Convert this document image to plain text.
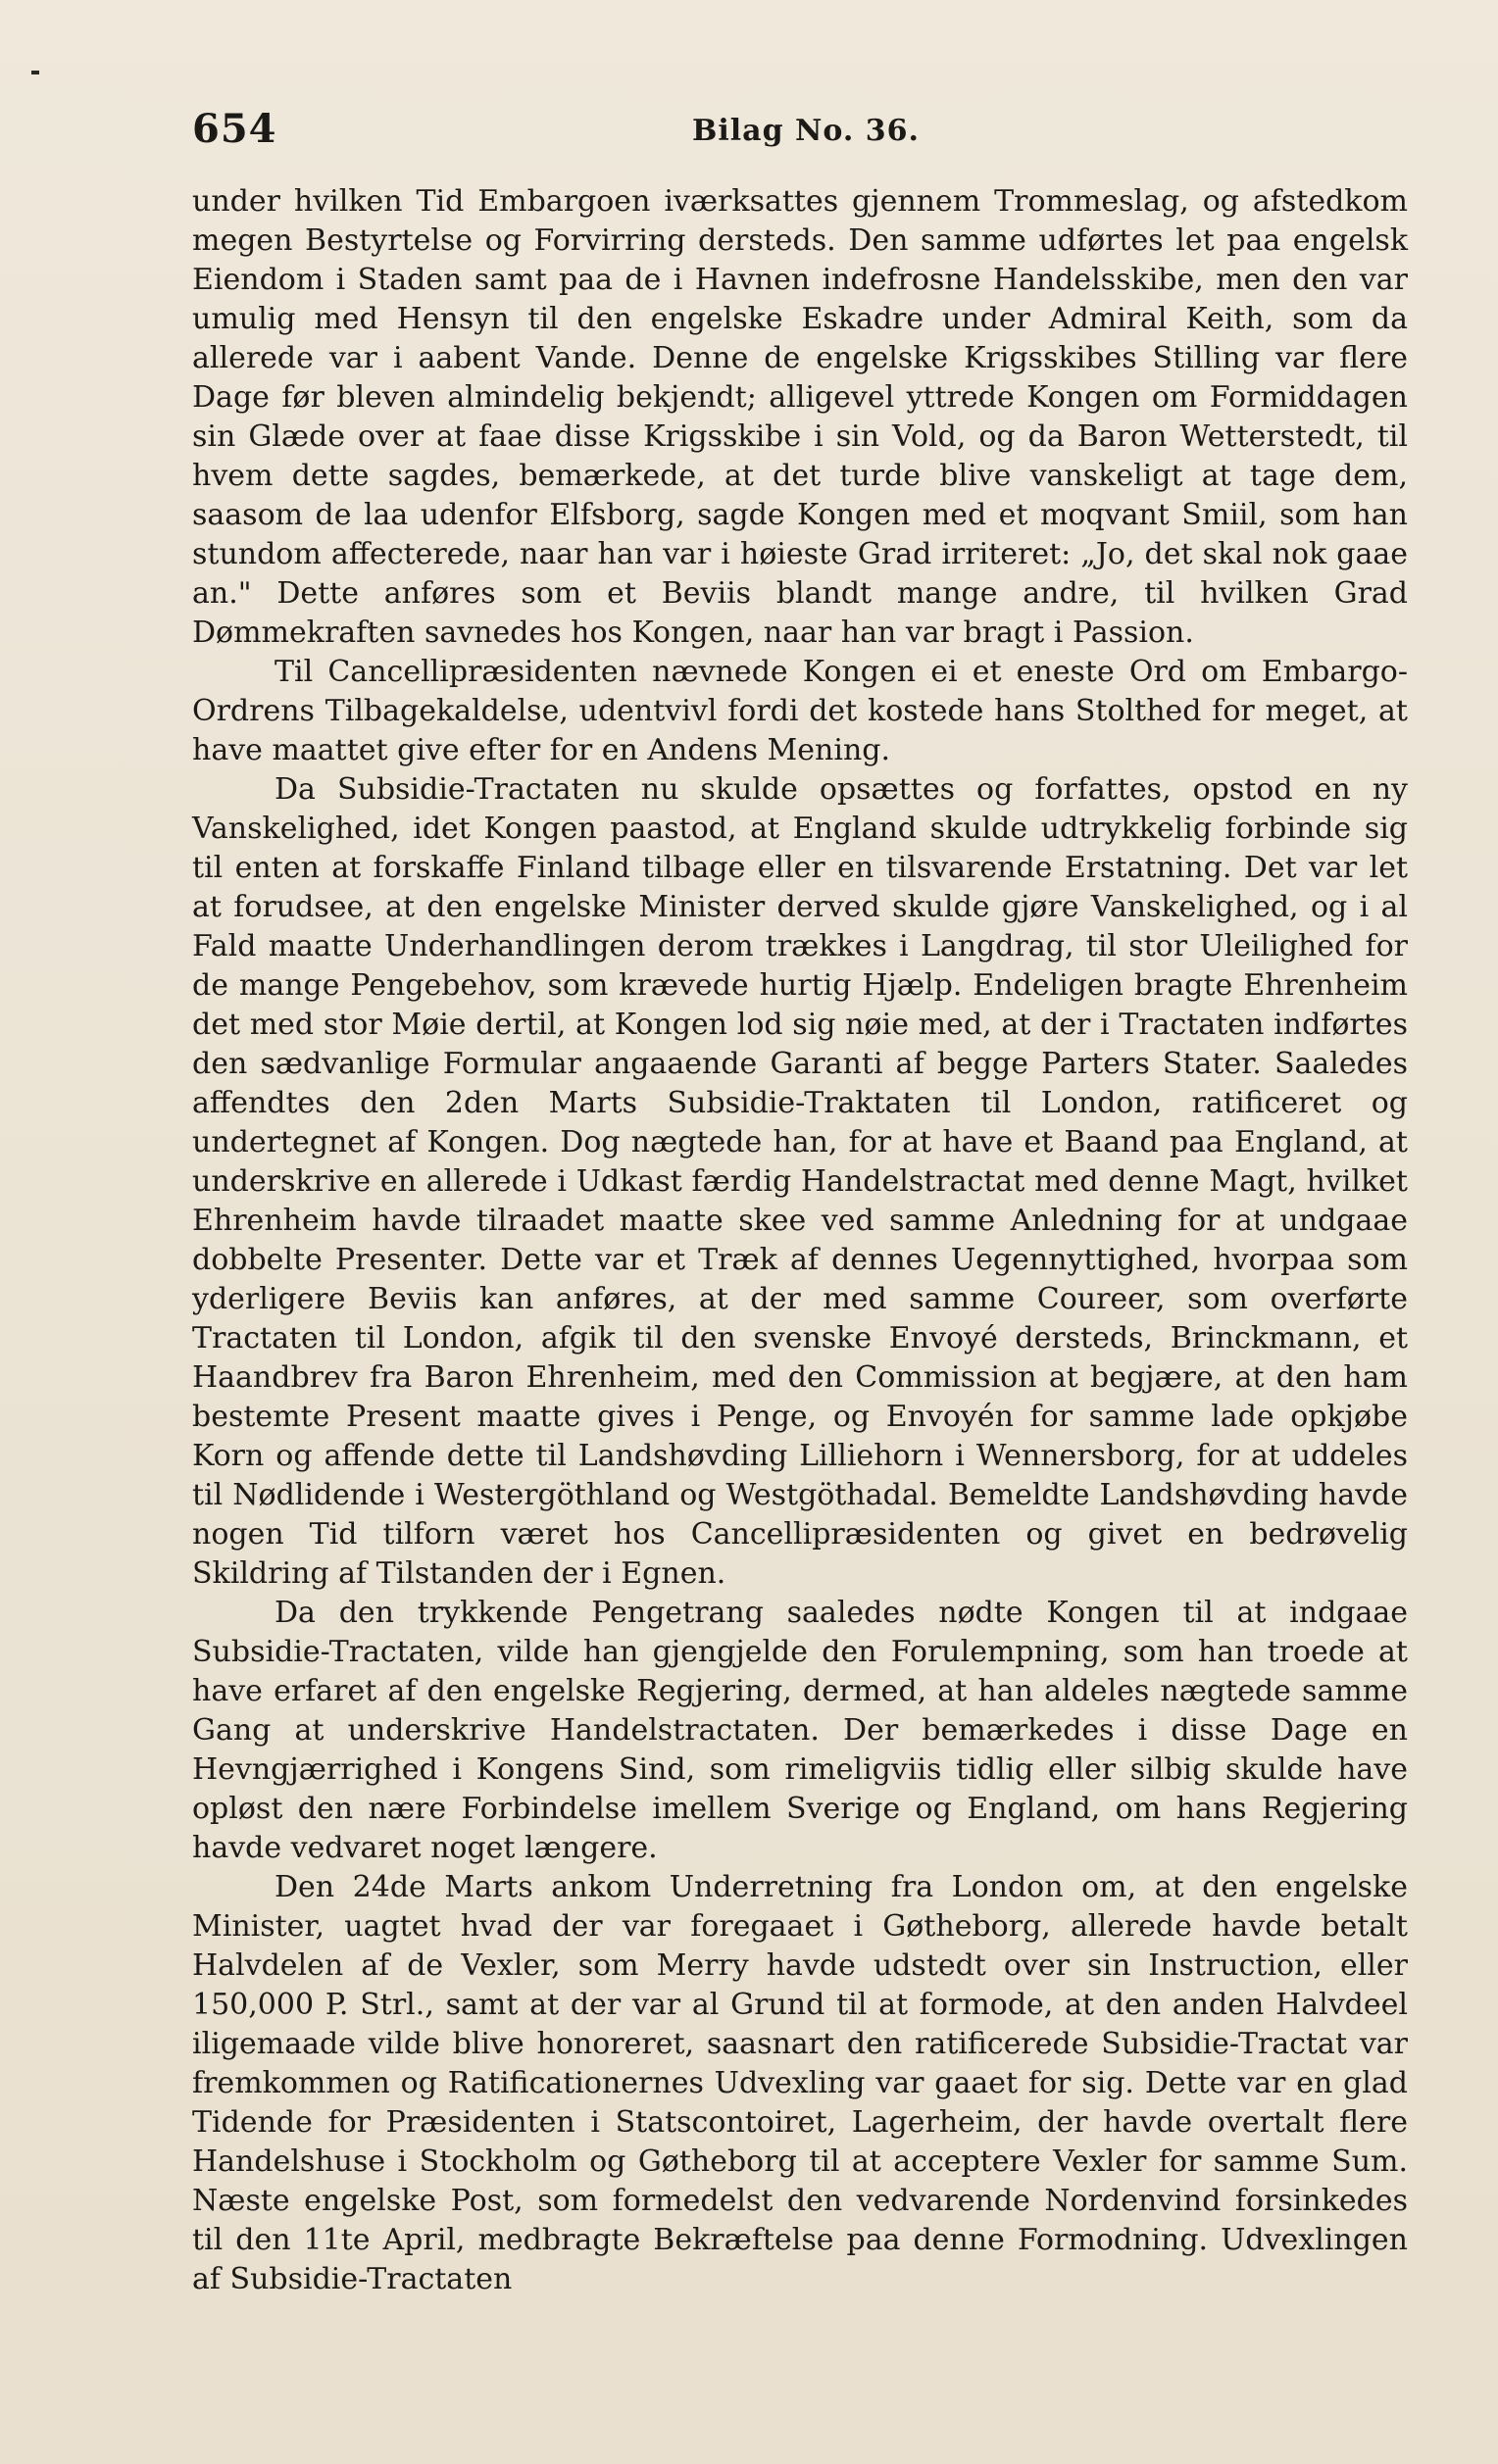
654	Bilag No. 36.

under hvilken Tid Embargoen iværksattes gjennem Trommeslag, og afstedkom megen Bestyrtelse og Forvirring dersteds. Den samme udførtes let paa engelsk Eiendom i Staden samt paa de i Havnen indefrosne Handelsskibe, men den var umulig med Hensyn til den engelske Eskadre under Admiral Keith, som da allerede var i aabent Vande. Denne de engelske Krigsskibes Stilling var flere Dage før bleven almindelig bekjendt; alligevel yttrede Kongen om Formiddagen sin Glæde over at faae disse Krigsskibe i sin Vold, og da Baron Wetterstedt, til hvem dette sagdes, bemærkede, at det turde blive vanskeligt at tage dem, saasom de laa udenfor Elfsborg, sagde Kongen med et moqvant Smiil, som han stundom affecterede, naar han var i høieste Grad irriteret: „Jo, det skal nok gaae an." Dette anføres som et Beviis blandt mange andre, til hvilken Grad Dømmekraften savnedes hos Kongen, naar han var bragt i Passion.

Til Cancellipræsidenten nævnede Kongen ei et eneste Ord om Embargo-Ordrens Tilbagekaldelse, udentvivl fordi det kostede hans Stolthed for meget, at have maattet give efter for en Andens Mening.

Da Subsidie-Tractaten nu skulde opsættes og forfattes, opstod en ny Vanskelighed, idet Kongen paastod, at England skulde udtrykkelig forbinde sig til enten at forskaffe Finland tilbage eller en tilsvarende Erstatning. Det var let at forudsee, at den engelske Minister derved skulde gjøre Vanskelighed, og i al Fald maatte Underhandlingen derom trækkes i Langdrag, til stor Uleilighed for de mange Pengebehov, som krævede hurtig Hjælp. Endeligen bragte Ehrenheim det med stor Møie dertil, at Kongen lod sig nøie med, at der i Tractaten indførtes den sædvanlige Formular angaaende Garanti af begge Parters Stater. Saaledes affendtes den 2den Marts Subsidie-Traktaten til London, ratificeret og undertegnet af Kongen. Dog nægtede han, for at have et Baand paa England, at underskrive en allerede i Udkast færdig Handelstractat med denne Magt, hvilket Ehrenheim havde tilraadet maatte skee ved samme Anledning for at undgaae dobbelte Presenter. Dette var et Træk af dennes Uegennyttighed, hvorpaa som yderligere Beviis kan anføres, at der med samme Coureer, som overførte Tractaten til London, afgik til den svenske Envoyé dersteds, Brinckmann, et Haandbrev fra Baron Ehrenheim, med den Commission at begjære, at den ham bestemte Present maatte gives i Penge, og Envoyén for samme lade opkjøbe Korn og affende dette til Landshøvding Lilliehorn i Wennersborg, for at uddeles til Nødlidende i Westergöthland og Westgöthadal. Bemeldte Landshøvding havde nogen Tid tilforn været hos Cancellipræsidenten og givet en bedrøvelig Skildring af Tilstanden der i Egnen.

Da den trykkende Pengetrang saaledes nødte Kongen til at indgaae Subsidie-Tractaten, vilde han gjengjelde den Forulempning, som han troede at have erfaret af den engelske Regjering, dermed, at han aldeles nægtede samme Gang at underskrive Handelstractaten. Der bemærkedes i disse Dage en Hevngjærrighed i Kongens Sind, som rimeligviis tidlig eller silbig skulde have opløst den nære Forbindelse imellem Sverige og England, om hans Regjering havde vedvaret noget længere.

Den 24de Marts ankom Underretning fra London om, at den engelske Minister, uagtet hvad der var foregaaet i Gøtheborg, allerede havde betalt Halvdelen af de Vexler, som Merry havde udstedt over sin Instruction, eller 150,000 P. Strl., samt at der var al Grund til at formode, at den anden Halvdeel iligemaade vilde blive honoreret, saasnart den ratificerede Subsidie-Tractat var fremkommen og Ratificationernes Udvexling var gaaet for sig. Dette var en glad Tidende for Præsidenten i Statscontoiret, Lagerheim, der havde overtalt flere Handelshuse i Stockholm og Gøtheborg til at acceptere Vexler for samme Sum. Næste engelske Post, som formedelst den vedvarende Nordenvind forsinkedes til den 11te April, medbragte Bekræftelse paa denne Formodning. Udvexlingen af Subsidie-Tractaten
